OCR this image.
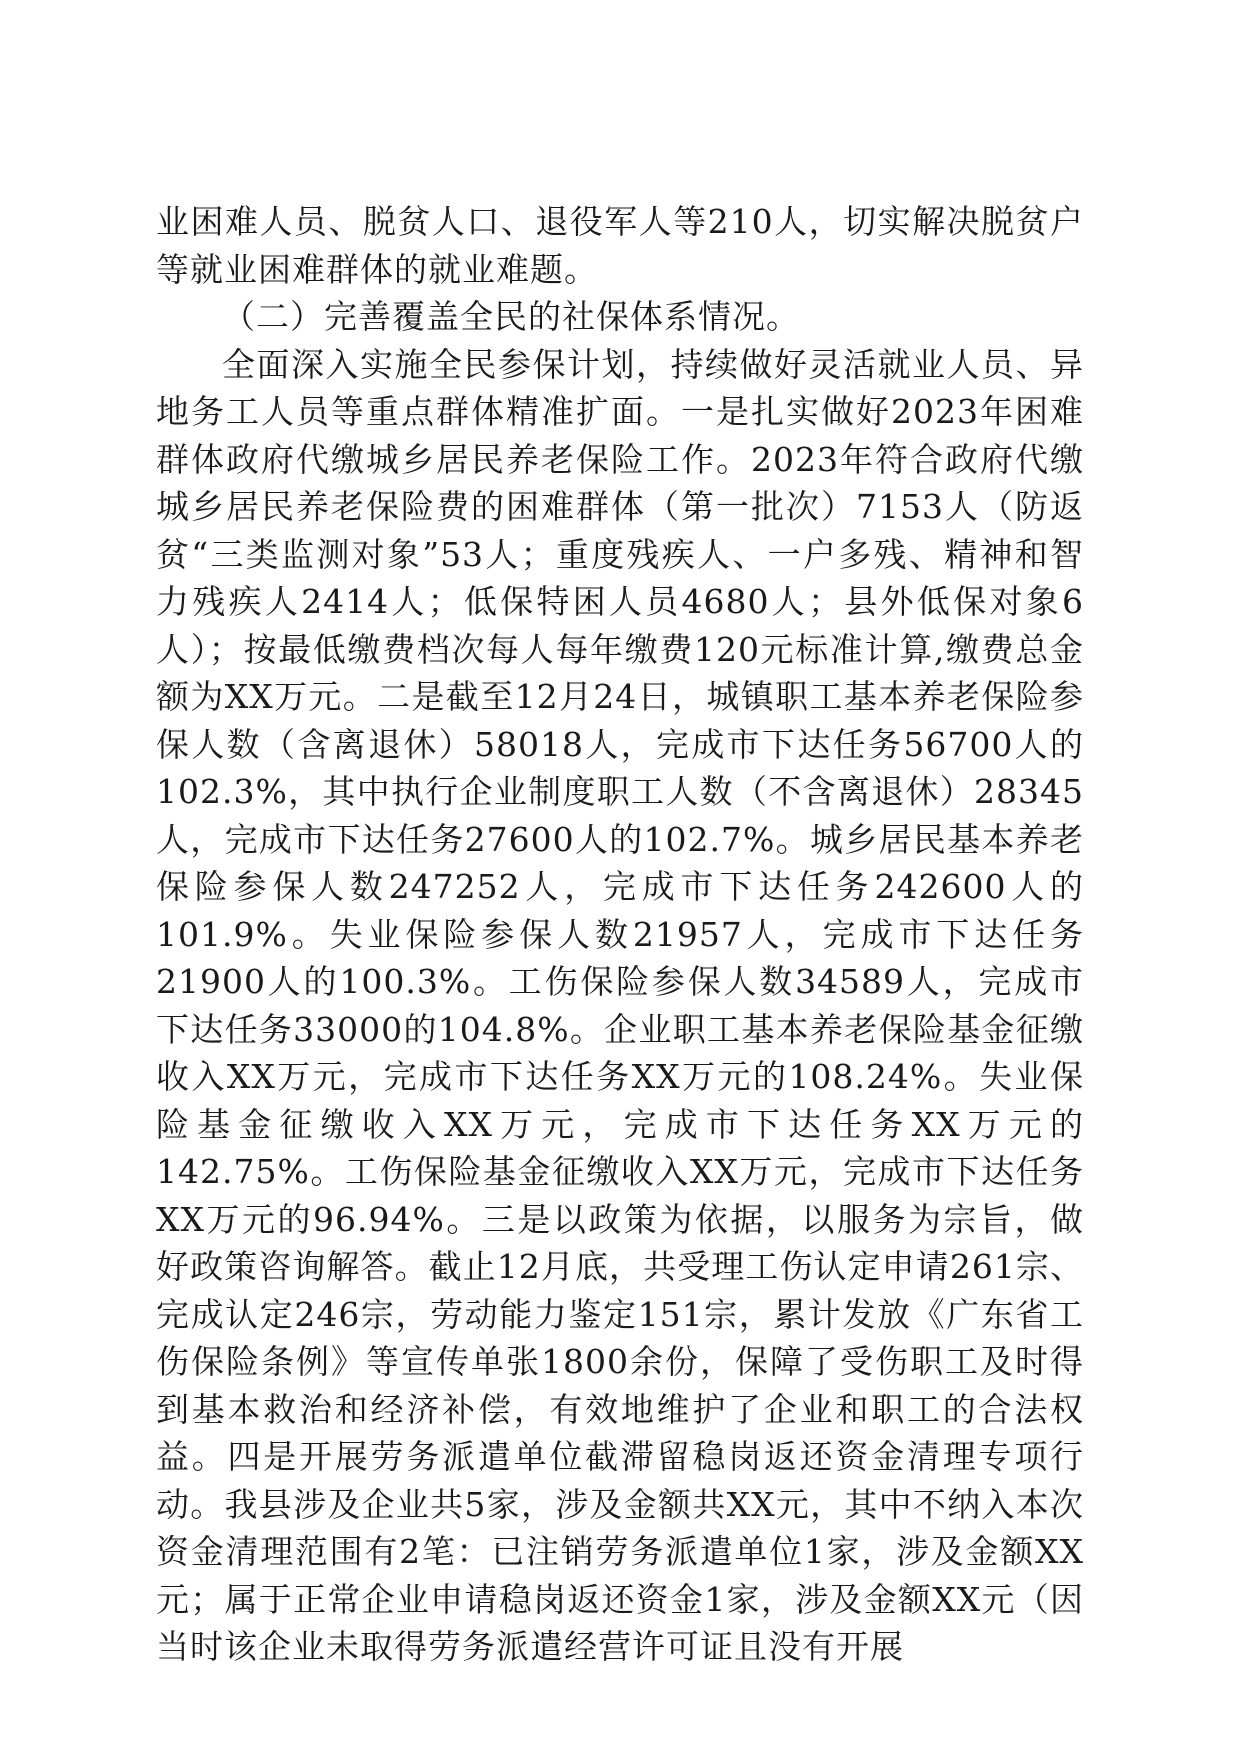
业困难人员、脱贫人口、退役军人等210人，切实解决脱贫户等就业困难群体的就业难题。

（二）完善覆盖全民的社保体系情况。

全面深入实施全民参保计划，持续做好灵活就业人员、异地务工人员等重点群体精准扩面。一是扎实做好2023年困难群体政府代缴城乡居民养老保险工作。2023年符合政府代缴城乡居民养老保险费的困难群体（第一批次）7153人（防返贫“三类监测对象”53人；重度残疾人、一户多残、精神和智力残疾人2414人；低保特困人员4680人；县外低保对象6人）；按最低缴费档次每人每年缴费120元标准计算,缴费总金额为XX万元。二是截至12月24日，城镇职工基本养老保险参保人数（含离退休）58018人，完成市下达任务56700人的102.3%，其中执行企业制度职工人数（不含离退休）28345人，完成市下达任务27600人的102.7%。城乡居民基本养老保险参保人数247252人，完成市下达任务242600人的101.9%。失业保险参保人数21957人，完成市下达任务21900人的100.3%。工伤保险参保人数34589人，完成市下达任务33000的104.8%。企业职工基本养老保险基金征缴收入XX万元，完成市下达任务XX万元的108.24%。失业保险基金征缴收入XX万元，完成市下达任务XX万元的142.75%。工伤保险基金征缴收入XX万元，完成市下达任务XX万元的96.94%。三是以政策为依据，以服务为宗旨，做好政策咨询解答。截止12月底，共受理工伤认定申请261宗、完成认定246宗，劳动能力鉴定151宗，累计发放《广东省工伤保险条例》等宣传单张1800余份，保障了受伤职工及时得到基本救治和经济补偿，有效地维护了企业和职工的合法权益。四是开展劳务派遣单位截滞留稳岗返还资金清理专项行动。我县涉及企业共5家，涉及金额共XX元，其中不纳入本次资金清理范围有2笔：已注销劳务派遣单位1家，涉及金额XX元；属于正常企业申请稳岗返还资金1家，涉及金额XX元（因当时该企业未取得劳务派遣经营许可证且没有开展
